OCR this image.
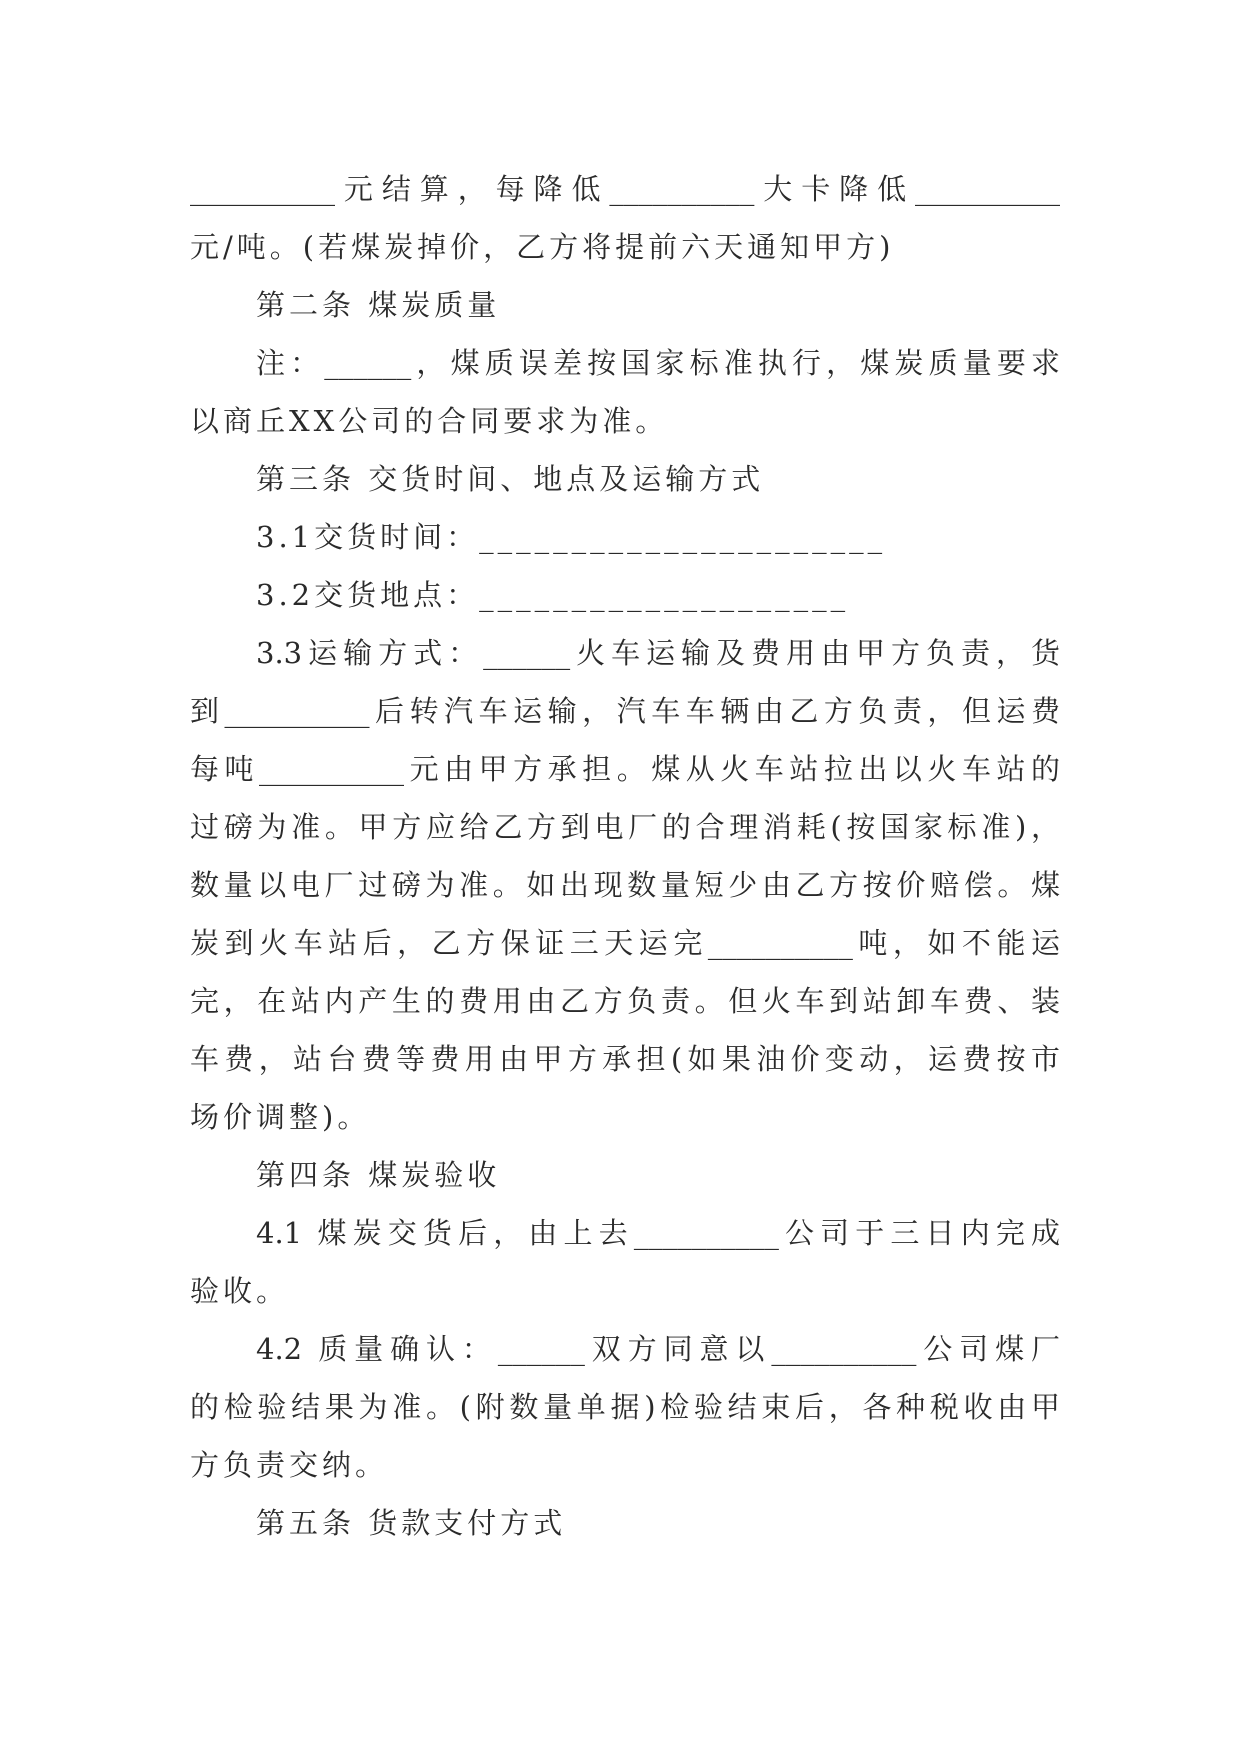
__________元结算，每降低__________大卡降低__________
元/吨。(若煤炭掉价，乙方将提前六天通知甲方)
第二条 煤炭质量
注：______，煤质误差按国家标准执行，煤炭质量要求
以商丘XX公司的合同要求为准。
第三条 交货时间、地点及运输方式
3.1交货时间：______________________
3.2交货地点：____________________
3.3运输方式：______火车运输及费用由甲方负责，货
到__________后转汽车运输，汽车车辆由乙方负责，但运费
每吨__________元由甲方承担。煤从火车站拉出以火车站的
过磅为准。甲方应给乙方到电厂的合理消耗(按国家标准)，
数量以电厂过磅为准。如出现数量短少由乙方按价赔偿。煤
炭到火车站后，乙方保证三天运完__________吨，如不能运
完，在站内产生的费用由乙方负责。但火车到站卸车费、装
车费，站台费等费用由甲方承担(如果油价变动，运费按市
场价调整)。
第四条 煤炭验收
4.1 煤炭交货后，由上去__________公司于三日内完成
验收。
4.2 质量确认：______双方同意以__________公司煤厂
的检验结果为准。(附数量单据)检验结束后，各种税收由甲
方负责交纳。
第五条 货款支付方式
